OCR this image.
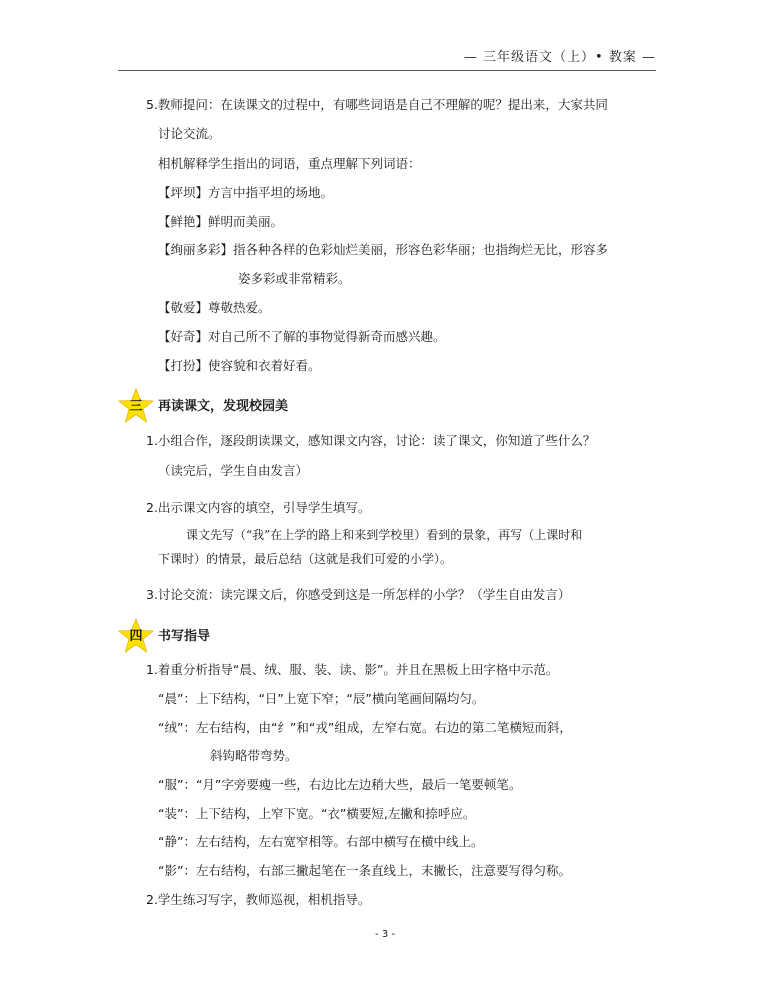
— 三年级语文（上）• 教案 —
5.教师提问：在读课文的过程中，有哪些词语是自己不理解的呢？提出来，大家共同
讨论交流。
相机解释学生指出的词语，重点理解下列词语：
【坪坝】方言中指平坦的场地。
【鲜艳】鲜明而美丽。
【绚丽多彩】指各种各样的色彩灿烂美丽，形容色彩华丽；也指绚烂无比，形容多
姿多彩或非常精彩。
【敬爱】尊敬热爱。
【好奇】对自己所不了解的事物觉得新奇而感兴趣。
【打扮】使容貌和衣着好看。
三	再读课文，发现校园美
1.小组合作，逐段朗读课文，感知课文内容，讨论：读了课文，你知道了些什么？
（读完后，学生自由发言）
2.出示课文内容的填空，引导学生填写。
课文先写（“我”在上学的路上和来到学校里）看到的景象，再写（上课时和
下课时）的情景，最后总结（这就是我们可爱的小学）。
3.讨论交流：读完课文后，你感受到这是一所怎样的小学？（学生自由发言）
四	书写指导
1.着重分析指导“晨、绒、服、装、读、影”。并且在黑板上田字格中示范。
“晨”：上下结构，“日”上宽下窄；“辰”横向笔画间隔均匀。
“绒”：左右结构，由“纟”和“戎”组成，左窄右宽。右边的第二笔横短而斜，
斜钩略带弯势。
“服”：“月”字旁要瘦一些，右边比左边稍大些，最后一笔要顿笔。
“装”：上下结构，上窄下宽。“衣”横要短,左撇和捺呼应。
“静”：左右结构，左右宽窄相等。右部中横写在横中线上。
“影”：左右结构，右部三撇起笔在一条直线上，末撇长，注意要写得匀称。
2.学生练习写字，教师巡视，相机指导。
- 3 -
